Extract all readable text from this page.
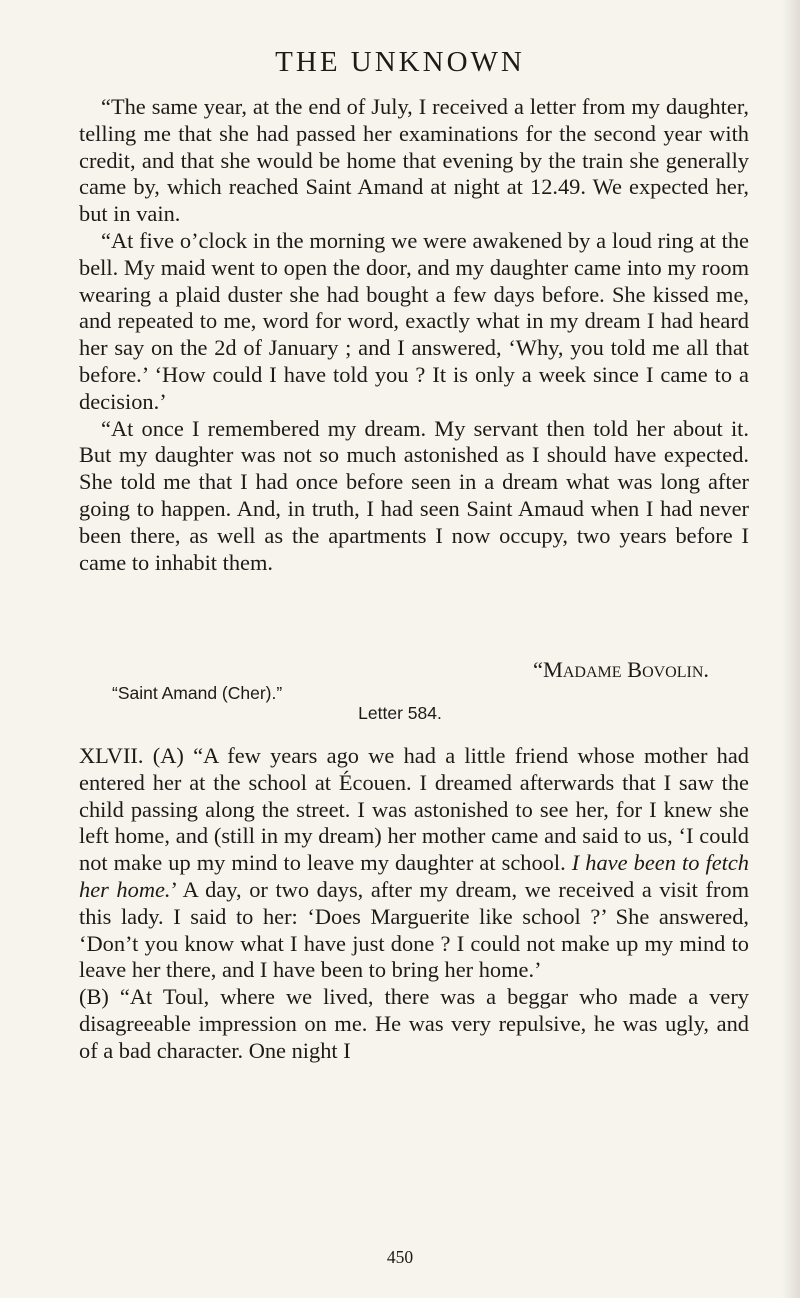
THE UNKNOWN

“The same year, at the end of July, I received a letter from my daughter, telling me that she had passed her examinations for the second year with credit, and that she would be home that evening by the train she generally came by, which reached Saint Amand at night at 12.49. We expected her, but in vain.

“At five o’clock in the morning we were awakened by a loud ring at the bell. My maid went to open the door, and my daughter came into my room wearing a plaid duster she had bought a few days before. She kissed me, and repeated to me, word for word, exactly what in my dream I had heard her say on the 2d of January ; and I answered, ‘Why, you told me all that before.’ ‘How could I have told you ? It is only a week since I came to a decision.’

“At once I remembered my dream. My servant then told her about it. But my daughter was not so much astonished as I should have expected. She told me that I had once before seen in a dream what was long after going to happen. And, in truth, I had seen Saint Amaud when I had never been there, as well as the apartments I now occupy, two years before I came to inhabit them.

“Madame Bovolin.
“Saint Amand (Cher).”
Letter 584.

XLVII. (A) “A few years ago we had a little friend whose mother had entered her at the school at Écouen. I dreamed afterwards that I saw the child passing along the street. I was astonished to see her, for I knew she left home, and (still in my dream) her mother came and said to us, ‘I could not make up my mind to leave my daughter at school. I have been to fetch her home.’ A day, or two days, after my dream, we received a visit from this lady. I said to her: ‘Does Marguerite like school ?’ She answered, ‘Don’t you know what I have just done ? I could not make up my mind to leave her there, and I have been to bring her home.’

(B) “At Toul, where we lived, there was a beggar who made a very disagreeable impression on me. He was very repulsive, he was ugly, and of a bad character. One night I

450
